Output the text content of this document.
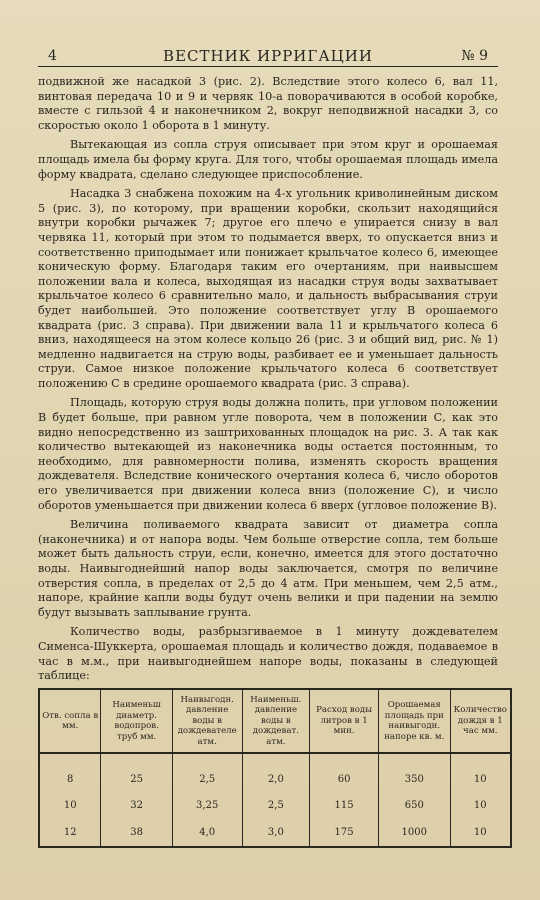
4	ВЕСТНИК ИРРИГАЦИИ	№ 9

подвижной же насадкой 3 (рис. 2). Вследствие этого колесо 6, вал 11, винтовая передача 10 и 9 и червяк 10-а поворачиваются в особой коробке, вместе с гильзой 4 и наконечником 2, вокруг неподвижной насадки 3, со скоростью около 1 оборота в 1 минуту.

Вытекающая из сопла струя описывает при этом круг и орошаемая площадь имела бы форму круга. Для того, чтобы орошаемая площадь имела форму квадрата, сделано следующее приспособление.

Насадка 3 снабжена похожим на 4-х угольник криволинейным диском 5 (рис. 3), по которому, при вращении коробки, скользит находящийся внутри коробки рычажек 7; другое его плечо е упирается снизу в вал червяка 11, который при этом то подымается вверх, то опускается вниз и соответственно приподымает или понижает крыльчатое колесо 6, имеющее коническую форму. Благодаря таким его очертаниям, при наивысшем положении вала и колеса, выходящая из насадки струя воды захватывает крыльчатое колесо 6 сравнительно мало, и дальность выбрасывания струи будет наибольшей. Это положение соответствует углу В орошаемого квадрата (рис. 3 справа). При движении вала 11 и крыльчатого колеса 6 вниз, находящееся на этом колесе кольцо 26 (рис. 3 и общий вид, рис. № 1) медленно надвигается на струю воды, разбивает ее и уменьшает дальность струи. Самое низкое положение крыльчатого колеса 6 соответствует положению С в средине орошаемого квадрата (рис. 3 справа).

Площадь, которую струя воды должна полить, при угловом положении В будет больше, при равном угле поворота, чем в положении С, как это видно непосредственно из заштрихованных площадок на рис. 3. А так как количество вытекающей из наконечника воды остается постоянным, то необходимо, для равномерности полива, изменять скорость вращения дождевателя. Вследствие конического очертания колеса 6, число оборотов его увеличивается при движении колеса вниз (положение С), и число оборотов уменьшается при движении колеса 6 вверх (угловое положение В).

Величина поливаемого квадрата зависит от диаметра сопла (наконечника) и от напора воды. Чем больше отверстие сопла, тем больше может быть дальность струи, если, конечно, имеется для этого достаточно воды. Наивыгоднейший напор воды заключается, смотря по величине отверстия сопла, в пределах от 2,5 до 4 атм. При меньшем, чем 2,5 атм., напоре, крайние капли воды будут очень велики и при падении на землю будут вызывать заплывание грунта.

Количество воды, разбрызгиваемое в 1 минуту дождевателем Сименса-Шуккерта, орошаемая площадь и количество дождя, подаваемое в час в м.м., при наивыгоднейшем напоре воды, показаны в следующей таблице:

Отв. сопла в мм.	Наименьш диаметр. водопров. труб мм.	Наивыгодн. давление воды в дождевателе атм.	Наименьш. давление воды в дождеват. атм.	Расход воды литров в 1 мин.	Орошаемая площадь при наивыгодн. напоре кв. м.	Количество дождя в 1 час мм.

8	25	2,5	2,0	60	350	10
10	32	3,25	2,5	115	650	10
12	38	4,0	3,0	175	1000	10
